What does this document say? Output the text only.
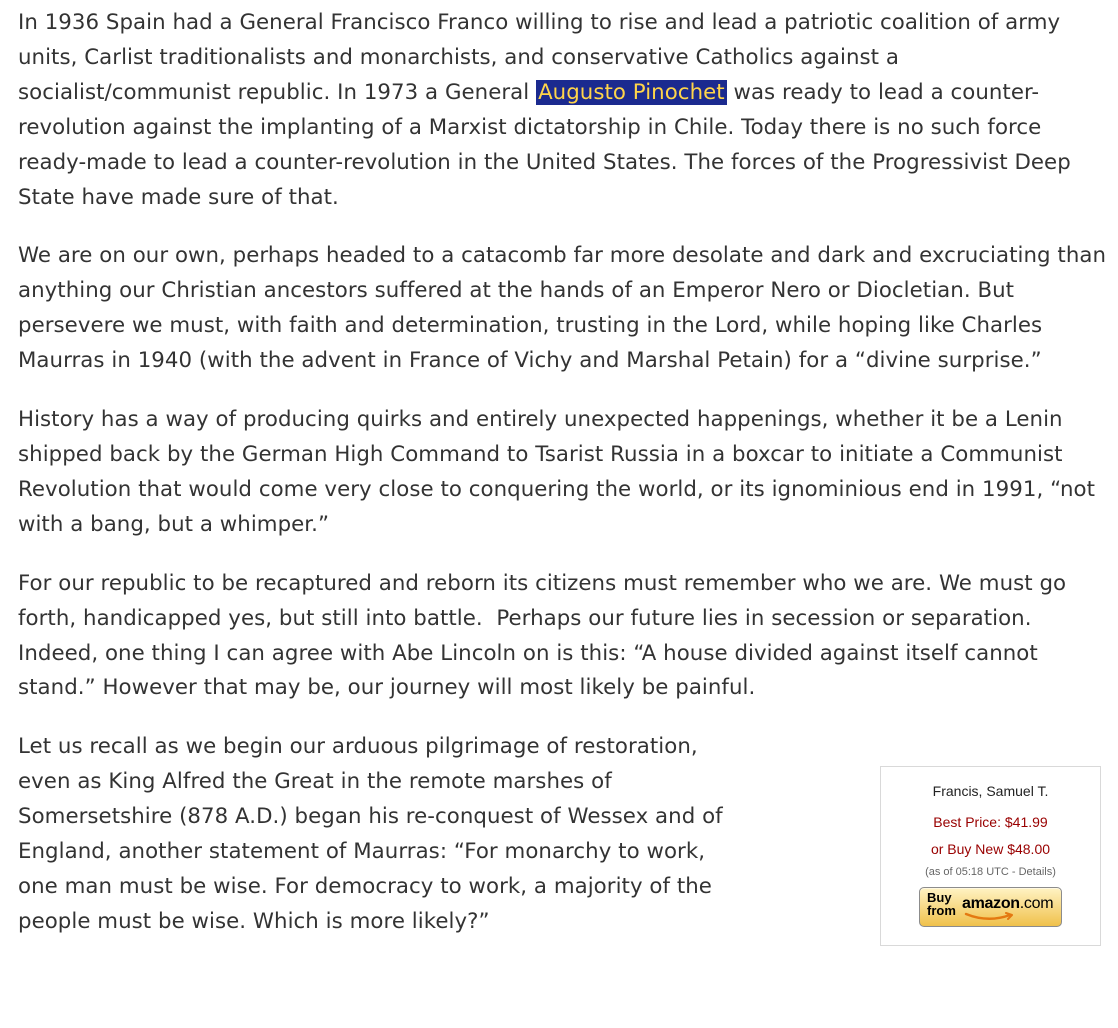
In 1936 Spain had a General Francisco Franco willing to rise and lead a patriotic coalition of army units, Carlist traditionalists and monarchists, and conservative Catholics against a socialist/communist republic. In 1973 a General Augusto Pinochet was ready to lead a counter-revolution against the implanting of a Marxist dictatorship in Chile. Today there is no such force ready-made to lead a counter-revolution in the United States. The forces of the Progressivist Deep State have made sure of that.

We are on our own, perhaps headed to a catacomb far more desolate and dark and excruciating than anything our Christian ancestors suffered at the hands of an Emperor Nero or Diocletian. But persevere we must, with faith and determination, trusting in the Lord, while hoping like Charles Maurras in 1940 (with the advent in France of Vichy and Marshal Petain) for a “divine surprise.”

History has a way of producing quirks and entirely unexpected happenings, whether it be a Lenin shipped back by the German High Command to Tsarist Russia in a boxcar to initiate a Communist Revolution that would come very close to conquering the world, or its ignominious end in 1991, “not with a bang, but a whimper.”

For our republic to be recaptured and reborn its citizens must remember who we are. We must go forth, handicapped yes, but still into battle.  Perhaps our future lies in secession or separation. Indeed, one thing I can agree with Abe Lincoln on is this: “A house divided against itself cannot stand.” However that may be, our journey will most likely be painful.

Let us recall as we begin our arduous pilgrimage of restoration,
even as King Alfred the Great in the remote marshes of
Somersetshire (878 A.D.) began his re-conquest of Wessex and of
England, another statement of Maurras: “For monarchy to work,
one man must be wise. For democracy to work, a majority of the
people must be wise. Which is more likely?”

Francis, Samuel T.
Best Price: $41.99
or Buy New $48.00
(as of 05:18 UTC - Details)
Buy
from amazon.com
